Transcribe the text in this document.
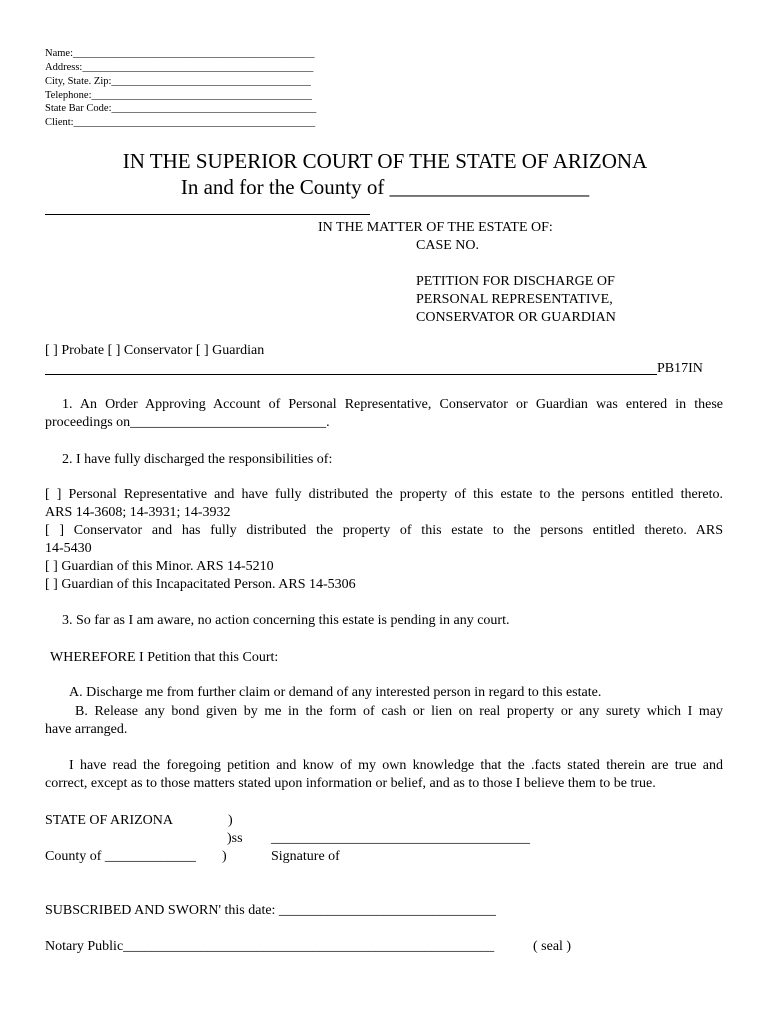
Name:______________________________________________
Address:____________________________________________
City, State. Zip:______________________________________
Telephone:__________________________________________
State Bar Code:_______________________________________
Client:______________________________________________
IN THE SUPERIOR COURT OF THE STATE OF ARIZONA
In and for the County of ___________________
IN THE MATTER OF THE ESTATE OF:
CASE NO.
PETITION FOR DISCHARGE OF
PERSONAL REPRESENTATIVE,
CONSERVATOR OR GUARDIAN
[ ] Probate [ ] Conservator [ ] Guardian
PB17IN
1. An Order Approving Account of Personal Representative, Conservator or Guardian was entered in these
proceedings on____________________________.
2. I have fully discharged the responsibilities of:
[ ] Personal Representative and have fully distributed the property of this estate to the persons entitled thereto.
ARS 14-3608; 14-3931; 14-3932
[ ] Conservator and has fully distributed the property of this estate to the persons entitled thereto. ARS
14-5430
[ ] Guardian of this Minor. ARS 14-5210
[ ] Guardian of this Incapacitated Person. ARS 14-5306
3. So far as I am aware, no action concerning this estate is pending in any court.
WHEREFORE I Petition that this Court:
A. Discharge me from further claim or demand of any interested person in regard to this estate.
B. Release any bond given by me in the form of cash or lien on real property or any surety which I may
have arranged.
I have read the foregoing petition and know of my own knowledge that the .facts stated therein are true and
correct, except as to those matters stated upon information or belief, and as to those I believe them to be true.
STATE OF ARIZONA	)
)ss _____________________________________
County of _____________ )	Signature of
SUBSCRIBED AND SWORN' this date: _______________________________
Notary Public_____________________________________________________	( seal )
